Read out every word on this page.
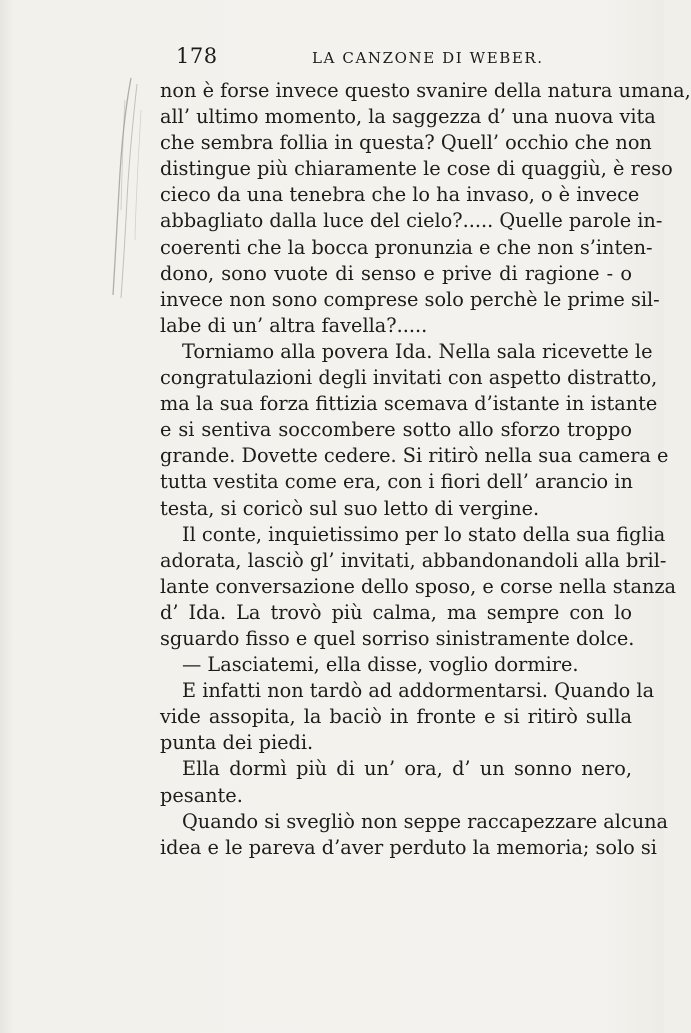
178	LA CANZONE DI WEBER.
non è forse invece questo svanire della natura umana,
all’ ultimo momento, la saggezza d’ una nuova vita
che sembra follia in questa? Quell’ occhio che non
distingue più chiaramente le cose di quaggiù, è reso
cieco da una tenebra che lo ha invaso, o è invece
abbagliato dalla luce del cielo?..... Quelle parole in-
coerenti che la bocca pronunzia e che non s’inten-
dono, sono vuote di senso e prive di ragione - o
invece non sono comprese solo perchè le prime sil-
labe di un’ altra favella?.....
Torniamo alla povera Ida. Nella sala ricevette le
congratulazioni degli invitati con aspetto distratto,
ma la sua forza fittizia scemava d’istante in istante
e si sentiva soccombere sotto allo sforzo troppo
grande. Dovette cedere. Si ritirò nella sua camera e
tutta vestita come era, con i fiori dell’ arancio in
testa, si coricò sul suo letto di vergine.
Il conte, inquietissimo per lo stato della sua figlia
adorata, lasciò gl’ invitati, abbandonandoli alla bril-
lante conversazione dello sposo, e corse nella stanza
d’ Ida. La trovò più calma, ma sempre con lo
sguardo fisso e quel sorriso sinistramente dolce.
— Lasciatemi, ella disse, voglio dormire.
E infatti non tardò ad addormentarsi. Quando la
vide assopita, la baciò in fronte e si ritirò sulla
punta dei piedi.
Ella dormì più di un’ ora, d’ un sonno nero,
pesante.
Quando si svegliò non seppe raccapezzare alcuna
idea e le pareva d’aver perduto la memoria; solo si
